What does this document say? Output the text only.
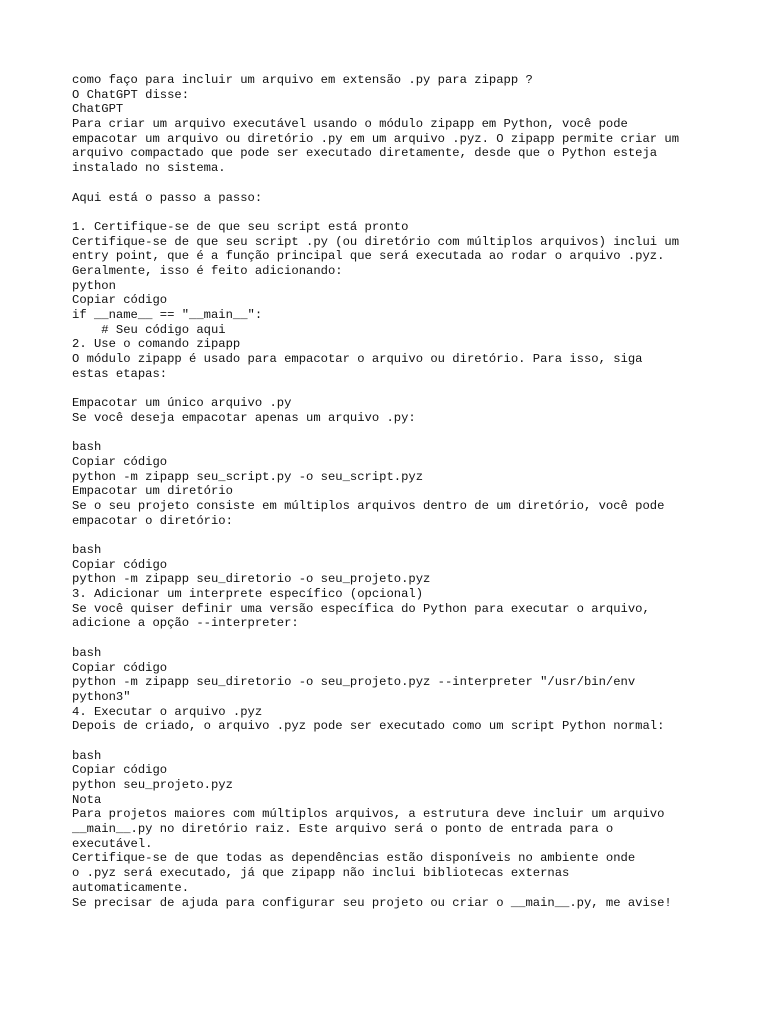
como faço para incluir um arquivo em extensão .py para zipapp ?
O ChatGPT disse:
ChatGPT
Para criar um arquivo executável usando o módulo zipapp em Python, você pode
empacotar um arquivo ou diretório .py em um arquivo .pyz. O zipapp permite criar um
arquivo compactado que pode ser executado diretamente, desde que o Python esteja
instalado no sistema.
Aqui está o passo a passo:
1. Certifique-se de que seu script está pronto
Certifique-se de que seu script .py (ou diretório com múltiplos arquivos) inclui um
entry point, que é a função principal que será executada ao rodar o arquivo .pyz.
Geralmente, isso é feito adicionando:
python
Copiar código
if __name__ == "__main__":
# Seu código aqui
2. Use o comando zipapp
O módulo zipapp é usado para empacotar o arquivo ou diretório. Para isso, siga
estas etapas:
Empacotar um único arquivo .py
Se você deseja empacotar apenas um arquivo .py:
bash
Copiar código
python -m zipapp seu_script.py -o seu_script.pyz
Empacotar um diretório
Se o seu projeto consiste em múltiplos arquivos dentro de um diretório, você pode
empacotar o diretório:
bash
Copiar código
python -m zipapp seu_diretorio -o seu_projeto.pyz
3. Adicionar um interprete específico (opcional)
Se você quiser definir uma versão específica do Python para executar o arquivo,
adicione a opção --interpreter:
bash
Copiar código
python -m zipapp seu_diretorio -o seu_projeto.pyz --interpreter "/usr/bin/env
python3"
4. Executar o arquivo .pyz
Depois de criado, o arquivo .pyz pode ser executado como um script Python normal:
bash
Copiar código
python seu_projeto.pyz
Nota
Para projetos maiores com múltiplos arquivos, a estrutura deve incluir um arquivo
__main__.py no diretório raiz. Este arquivo será o ponto de entrada para o
executável.
Certifique-se de que todas as dependências estão disponíveis no ambiente onde
o .pyz será executado, já que zipapp não inclui bibliotecas externas
automaticamente.
Se precisar de ajuda para configurar seu projeto ou criar o __main__.py, me avise!
